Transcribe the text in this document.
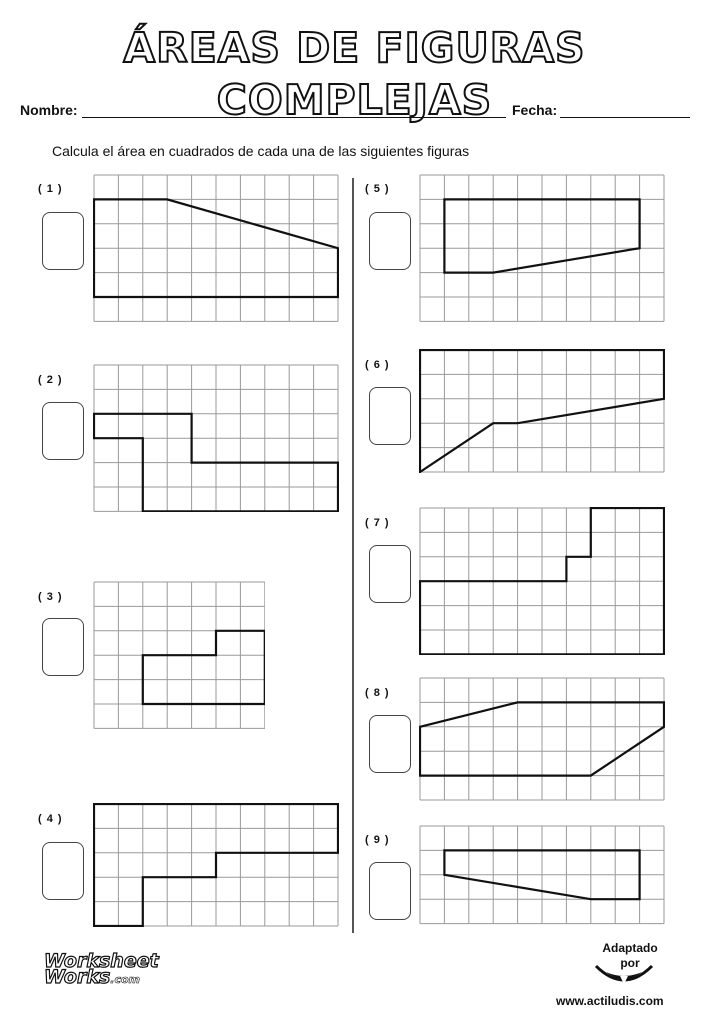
ÁREAS DE FIGURAS COMPLEJAS
Nombre:	Fecha:
Calcula el área en cuadrados de cada una de las siguientes figuras
( 1 )
( 2 )
( 3 )
( 4 )
( 5 )
( 6 )
( 7 )
( 8 )
( 9 )
Worksheet
Works.com
Adaptado
por
www.actiludis.com
